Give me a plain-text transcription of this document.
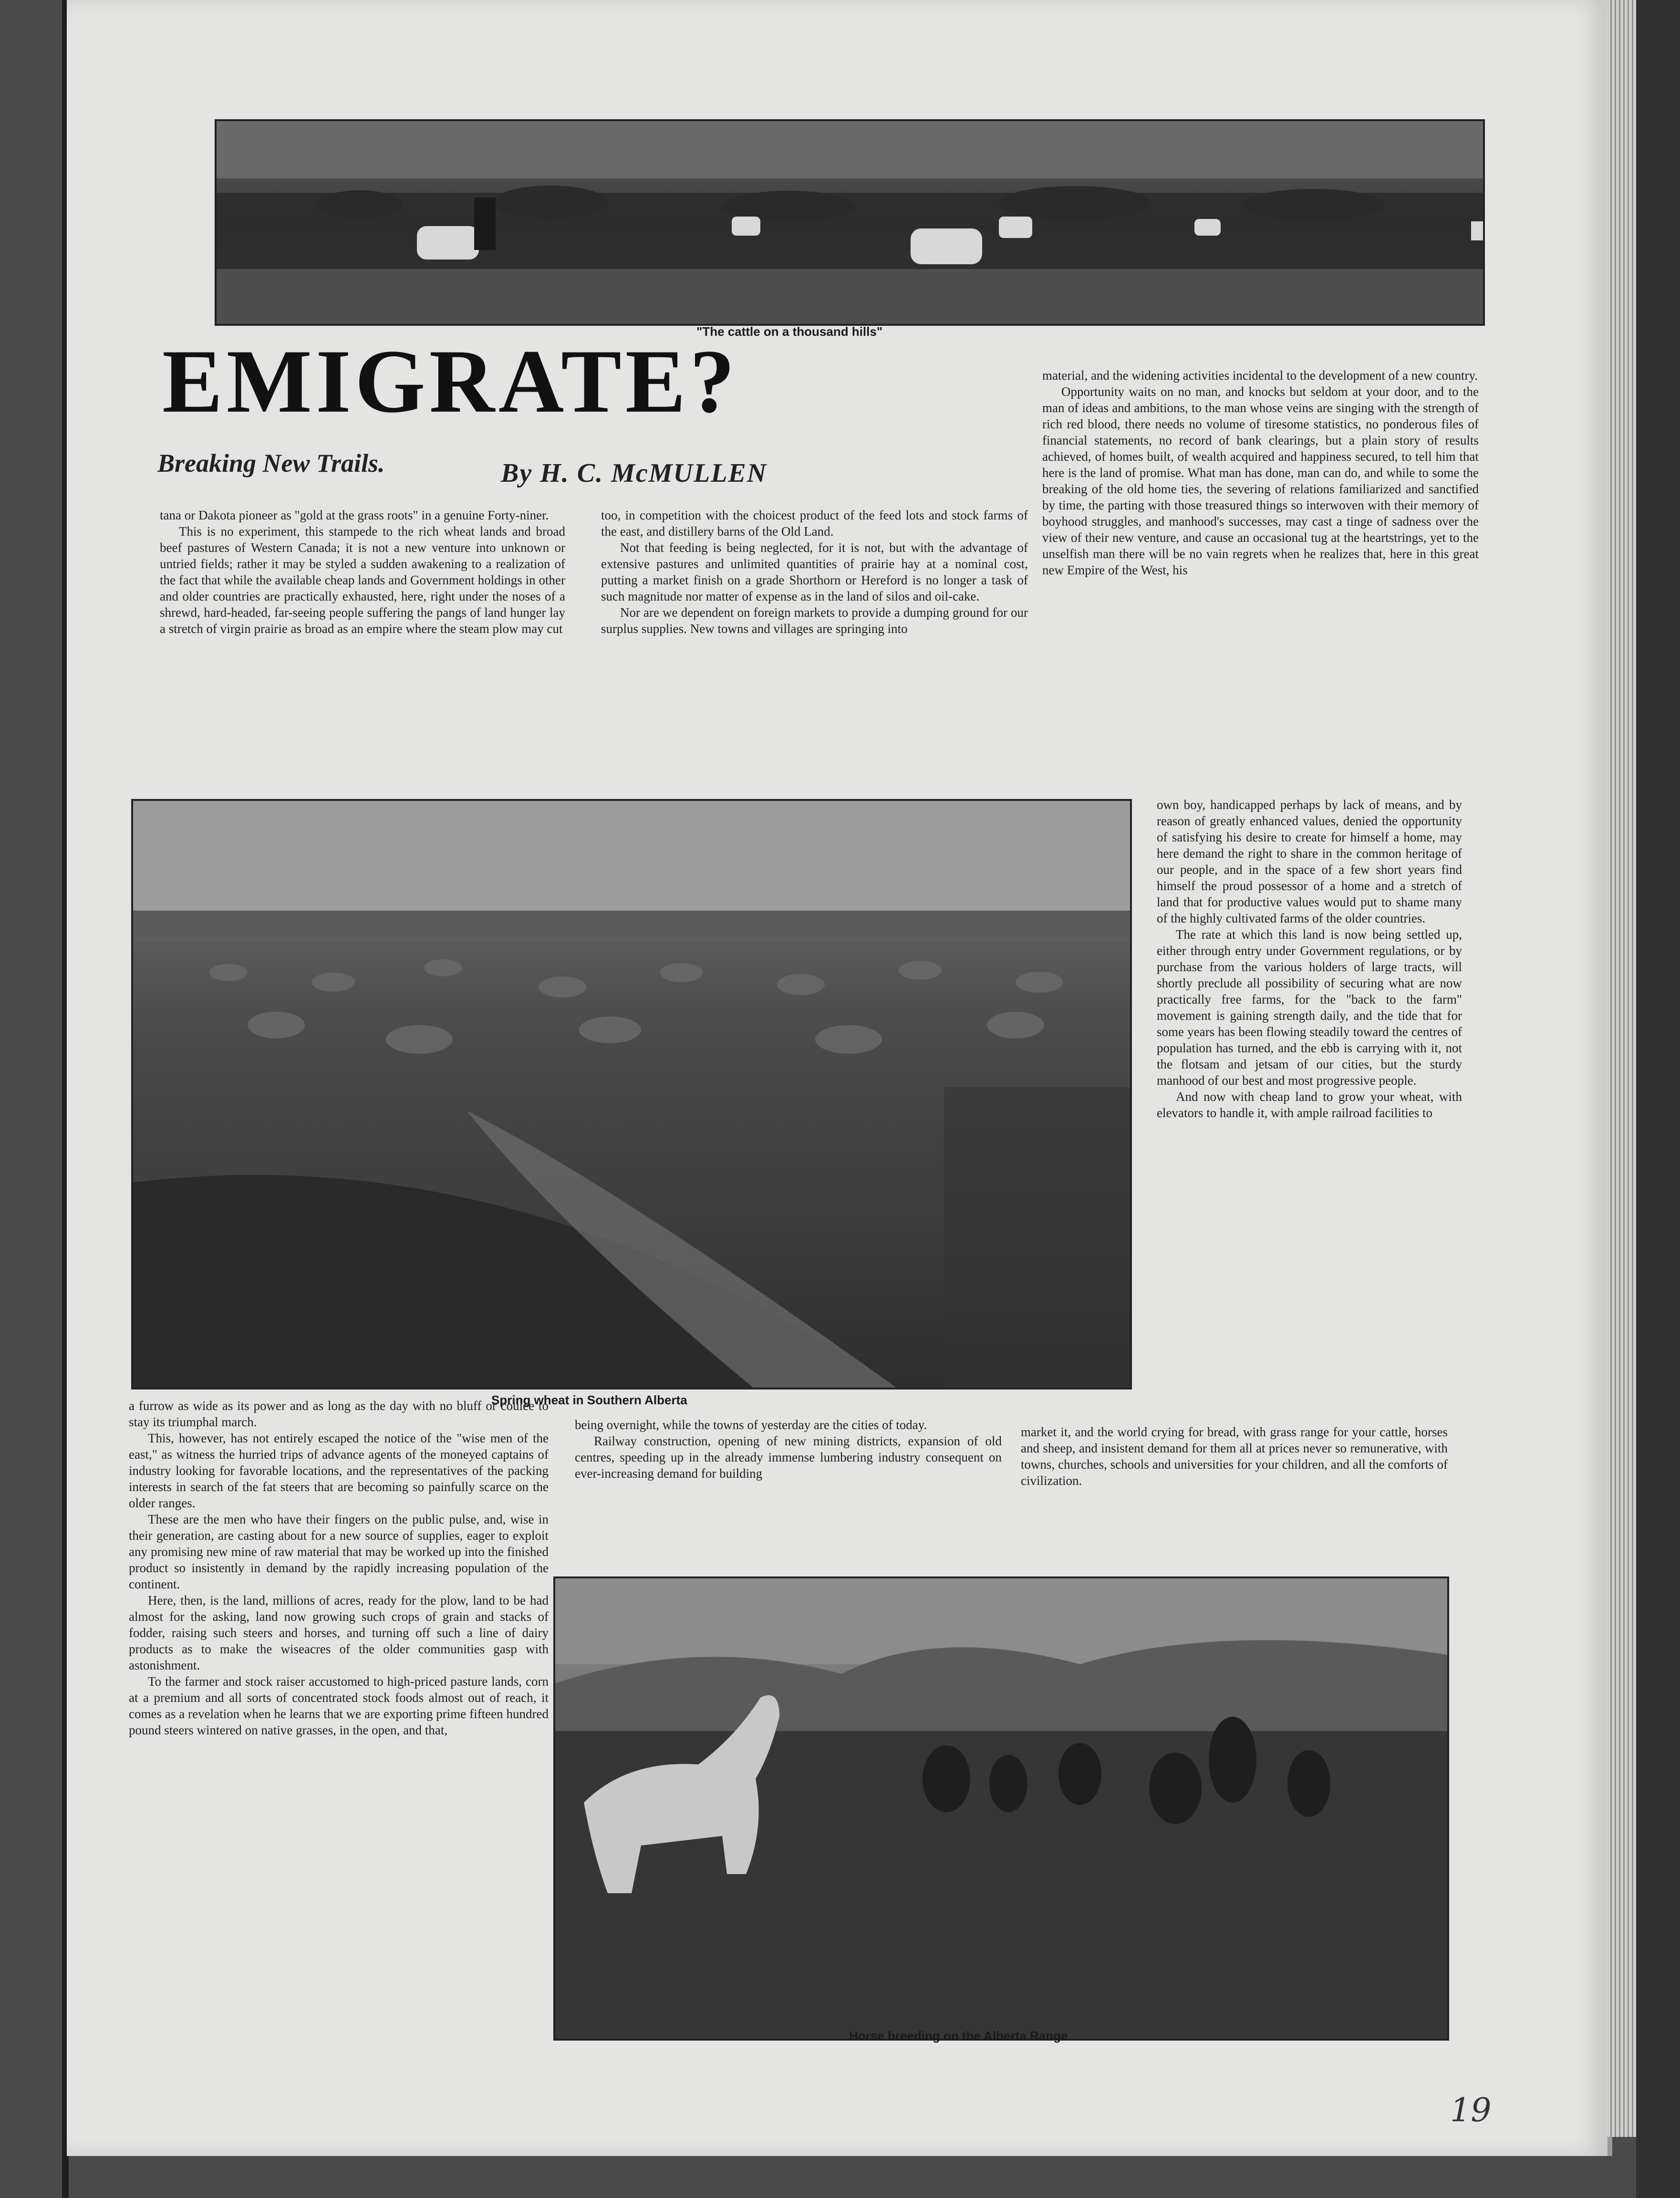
"The cattle on a thousand hills"
EMIGRATE?
Breaking New Trails.	By H. C. McMULLEN

tana or Dakota pioneer as "gold at the grass roots" in a genuine Forty-niner.

This is no experiment, this stampede to the rich wheat lands and broad beef pastures of Western Canada; it is not a new venture into unknown or untried fields; rather it may be styled a sudden awakening to a realization of the fact that while the available cheap lands and Government holdings in other and older countries are practically exhausted, here, right under the noses of a shrewd, hard-headed, far-seeing people suffering the pangs of land hunger lay a stretch of virgin prairie as broad as an empire where the steam plow may cut

too, in competition with the choicest product of the feed lots and stock farms of the east, and distillery barns of the Old Land.

Not that feeding is being neglected, for it is not, but with the advantage of extensive pastures and unlimited quantities of prairie hay at a nominal cost, putting a market finish on a grade Shorthorn or Hereford is no longer a task of such magnitude nor matter of expense as in the land of silos and oil-cake.

Nor are we dependent on foreign markets to provide a dumping ground for our surplus supplies. New towns and villages are springing into

material, and the widening activities incidental to the development of a new country.

Opportunity waits on no man, and knocks but seldom at your door, and to the man of ideas and ambitions, to the man whose veins are singing with the strength of rich red blood, there needs no volume of tiresome statistics, no ponderous files of financial statements, no record of bank clearings, but a plain story of results achieved, of homes built, of wealth acquired and happiness secured, to tell him that here is the land of promise. What man has done, man can do, and while to some the breaking of the old home ties, the severing of relations familiarized and sanctified by time, the parting with those treasured things so interwoven with their memory of boyhood struggles, and manhood's successes, may cast a tinge of sadness over the view of their new venture, and cause an occasional tug at the heartstrings, yet to the unselfish man there will be no vain regrets when he realizes that, here in this great new Empire of the West, his

Spring wheat in Southern Alberta

own boy, handicapped perhaps by lack of means, and by reason of greatly enhanced values, denied the opportunity of satisfying his desire to create for himself a home, may here demand the right to share in the common heritage of our people, and in the space of a few short years find himself the proud possessor of a home and a stretch of land that for productive values would put to shame many of the highly cultivated farms of the older countries.

The rate at which this land is now being settled up, either through entry under Government regulations, or by purchase from the various holders of large tracts, will shortly preclude all possibility of securing what are now practically free farms, for the "back to the farm" movement is gaining strength daily, and the tide that for some years has been flowing steadily toward the centres of population has turned, and the ebb is carrying with it, not the flotsam and jetsam of our cities, but the sturdy manhood of our best and most progressive people.

And now with cheap land to grow your wheat, with elevators to handle it, with ample railroad facilities to

a furrow as wide as its power and as long as the day with no bluff or coulee to stay its triumphal march.

This, however, has not entirely escaped the notice of the "wise men of the east," as witness the hurried trips of advance agents of the moneyed captains of industry looking for favorable locations, and the representatives of the packing interests in search of the fat steers that are becoming so painfully scarce on the older ranges.

These are the men who have their fingers on the public pulse, and, wise in their generation, are casting about for a new source of supplies, eager to exploit any promising new mine of raw material that may be worked up into the finished product so insistently in demand by the rapidly increasing population of the continent.

Here, then, is the land, millions of acres, ready for the plow, land to be had almost for the asking, land now growing such crops of grain and stacks of fodder, raising such steers and horses, and turning off such a line of dairy products as to make the wiseacres of the older communities gasp with astonishment.

To the farmer and stock raiser accustomed to high-priced pasture lands, corn at a premium and all sorts of concentrated stock foods almost out of reach, it comes as a revelation when he learns that we are exporting prime fifteen hundred pound steers wintered on native grasses, in the open, and that,

being overnight, while the towns of yesterday are the cities of today.

Railway construction, opening of new mining districts, expansion of old centres, speeding up in the already immense lumbering industry consequent on ever-increasing demand for building

market it, and the world crying for bread, with grass range for your cattle, horses and sheep, and insistent demand for them all at prices never so remunerative, with towns, churches, schools and universities for your children, and all the comforts of civilization.

Horse breeding on the Alberta Range
19
